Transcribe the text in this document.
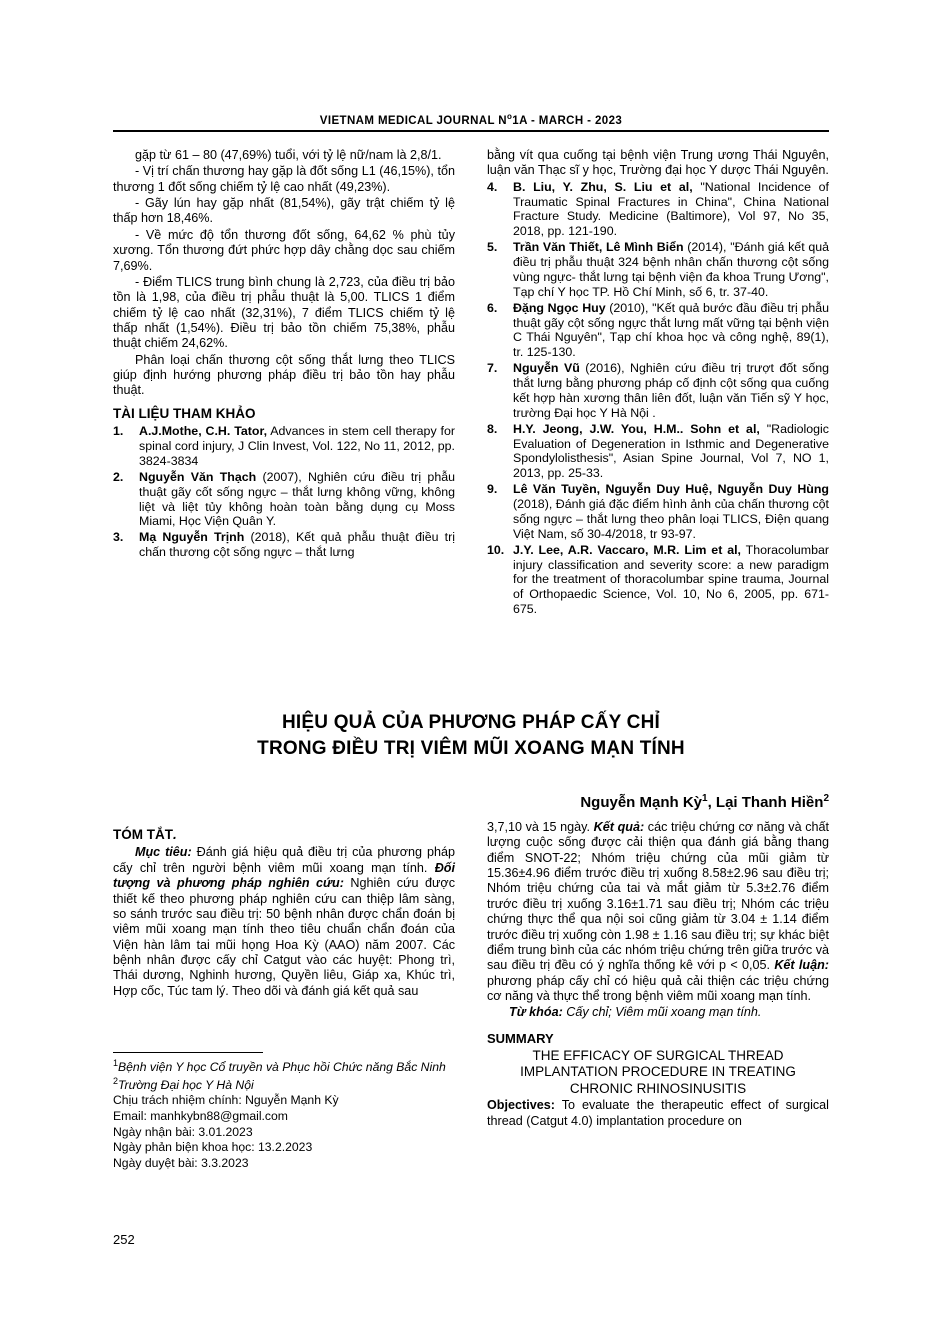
VIETNAM MEDICAL JOURNAL $N^o1A$ - MARCH - 2023

gặp từ 61 – 80 (47,69%) tuổi, với tỷ lệ nữ/nam là 2,8/1.

- Vị trí chấn thương hay gặp là đốt sống L1 (46,15%), tổn thương 1 đốt sống chiếm tỷ lệ cao nhất (49,23%).

- Gãy lún hay gặp nhất (81,54%), gãy trật chiếm tỷ lệ thấp hơn 18,46%.

- Về mức độ tổn thương đốt sống, 64,62 % phù tủy xương. Tổn thương đứt phức hợp dây chằng dọc sau chiếm 7,69%.

- Điểm TLICS trung bình chung là 2,723, của điều trị bảo tồn là 1,98, của điều trị phẫu thuật là 5,00. TLICS 1 điểm chiếm tỷ lệ cao nhất (32,31%), 7 điểm TLICS chiếm tỷ lệ thấp nhất (1,54%). Điều trị bảo tồn chiếm 75,38%, phẫu thuật chiếm 24,62%.

Phân loại chấn thương cột sống thắt lưng theo TLICS giúp định hướng phương pháp điều trị bảo tồn hay phẫu thuật.

TÀI LIỆU THAM KHẢO
1.	A.J.Mothe, C.H. Tator, Advances in stem cell therapy for spinal cord injury, J Clin Invest, Vol. 122, No 11, 2012, pp. 3824-3834
2.	Nguyễn Văn Thạch (2007), Nghiên cứu điều trị phẫu thuật gãy cốt sống ngực – thắt lưng không vững, không liệt và liệt tủy không hoàn toàn bằng dụng cụ Moss Miami, Học Viện Quân Y.
3.	Mạ Nguyễn Trịnh (2018), Kết quả phẫu thuật điều trị chấn thương cột sống ngực – thắt lưng

bằng vít qua cuống tại bệnh viện Trung ương Thái Nguyên, luận văn Thạc sĩ y học, Trường đại học Y dược Thái Nguyên.

4.	B. Liu, Y. Zhu, S. Liu et al, "National Incidence of Traumatic Spinal Fractures in China", China National Fracture Study. Medicine (Baltimore), Vol 97, No 35, 2018, pp. 121-190.
5.	Trần Văn Thiết, Lê Mình Biển (2014), "Đánh giá kết quả điều trị phẫu thuật 324 bệnh nhân chấn thương cột sống vùng ngực- thắt lưng tại bệnh viện đa khoa Trung Ương", Tạp chí Y học TP. Hồ Chí Minh, số 6, tr. 37-40.
6.	Đặng Ngọc Huy (2010), "Kết quả bước đầu điều trị phẫu thuật gãy cột sống ngực thắt lưng mất vững tại bệnh viện C Thái Nguyên", Tạp chí khoa học và công nghệ, 89(1), tr. 125-130.
7.	Nguyễn Vũ (2016), Nghiên cứu điều trị trượt đốt sống thắt lưng bằng phương pháp cố định cột sống qua cuống kết hợp hàn xương thân liên đốt, luận văn Tiến sỹ Y học, trường Đại học Y Hà Nội .
8.	H.Y. Jeong, J.W. You, H.M.. Sohn et al, "Radiologic Evaluation of Degeneration in Isthmic and Degenerative Spondylolisthesis", Asian Spine Journal, Vol 7, NO 1, 2013, pp. 25-33.
9.	Lê Văn Tuyền, Nguyễn Duy Huệ, Nguyễn Duy Hùng (2018), Đánh giá đặc điểm hình ảnh của chấn thương cột sống ngực – thắt lưng theo phân loại TLICS, Điện quang Việt Nam, số 30-4/2018, tr 93-97.
10. J.Y. Lee, A.R. Vaccaro, M.R. Lim et al, Thoracolumbar injury classification and severity score: a new paradigm for the treatment of thoracolumbar spine trauma, Journal of Orthopaedic Science, Vol. 10, No 6, 2005, pp. 671-675.
HIỆU QUẢ CỦA PHƯƠNG PHÁP CẤY CHỈ
TRONG ĐIỀU TRỊ VIÊM MŨI XOANG MẠN TÍNH
Nguyễn Mạnh Kỳ$^1$, Lại Thanh Hiền$^2$
TÓM TẮT.

Mục tiêu: Đánh giá hiệu quả điều trị của phương pháp cấy chỉ trên người bệnh viêm mũi xoang mạn tính. Đối tượng và phương pháp nghiên cứu: Nghiên cứu được thiết kế theo phương pháp nghiên cứu can thiệp lâm sàng, so sánh trước sau điều trị: 50 bệnh nhân được chẩn đoán bị viêm mũi xoang mạn tính theo tiêu chuẩn chẩn đoán của Viện hàn lâm tai mũi họng Hoa Kỳ (AAO) năm 2007. Các bệnh nhân được cấy chỉ Catgut vào các huyệt: Phong trì, Thái dương, Nghinh hương, Quyền liêu, Giáp xa, Khúc trì, Hợp cốc, Túc tam lý. Theo dõi và đánh giá kết quả sau

3,7,10 và 15 ngày. Kết quả: các triệu chứng cơ năng và chất lượng cuộc sống được cải thiện qua đánh giá bằng thang điểm SNOT-22; Nhóm triệu chứng của mũi giảm từ 15.36±4.96 điểm trước điều trị xuống 8.58±2.96 sau điều trị; Nhóm triệu chứng của tai và mắt giảm từ 5.3±2.76 điểm trước điều trị xuống 3.16±1.71 sau điều trị; Nhóm các triệu chứng thực thể qua nội soi cũng giảm từ 3.04 ± 1.14 điểm trước điều trị xuống còn 1.98 ± 1.16 sau điều trị; sự khác biệt điểm trung bình của các nhóm triệu chứng trên giữa trước và sau điều trị đều có ý nghĩa thống kê với p < 0,05. Kết luận: phương pháp cấy chỉ có hiệu quả cải thiện các triệu chứng cơ năng và thực thể trong bệnh viêm mũi xoang mạn tính.

Từ khóa: Cấy chỉ; Viêm mũi xoang mạn tính.

SUMMARY
THE EFFICACY OF SURGICAL THREAD
IMPLANTATION PROCEDURE IN TREATING
CHRONIC RHINOSINUSITIS

Objectives: To evaluate the therapeutic effect of surgical thread (Catgut 4.0) implantation procedure on

$^1$Bệnh viện Y học Cổ truyền và Phục hồi Chức năng Bắc Ninh
$^2$Trường Đại học Y Hà Nội
Chịu trách nhiệm chính: Nguyễn Mạnh Kỳ
Email: manhkybn88@gmail.com
Ngày nhận bài: 3.01.2023
Ngày phản biện khoa học: 13.2.2023
Ngày duyệt bài: 3.3.2023
252
